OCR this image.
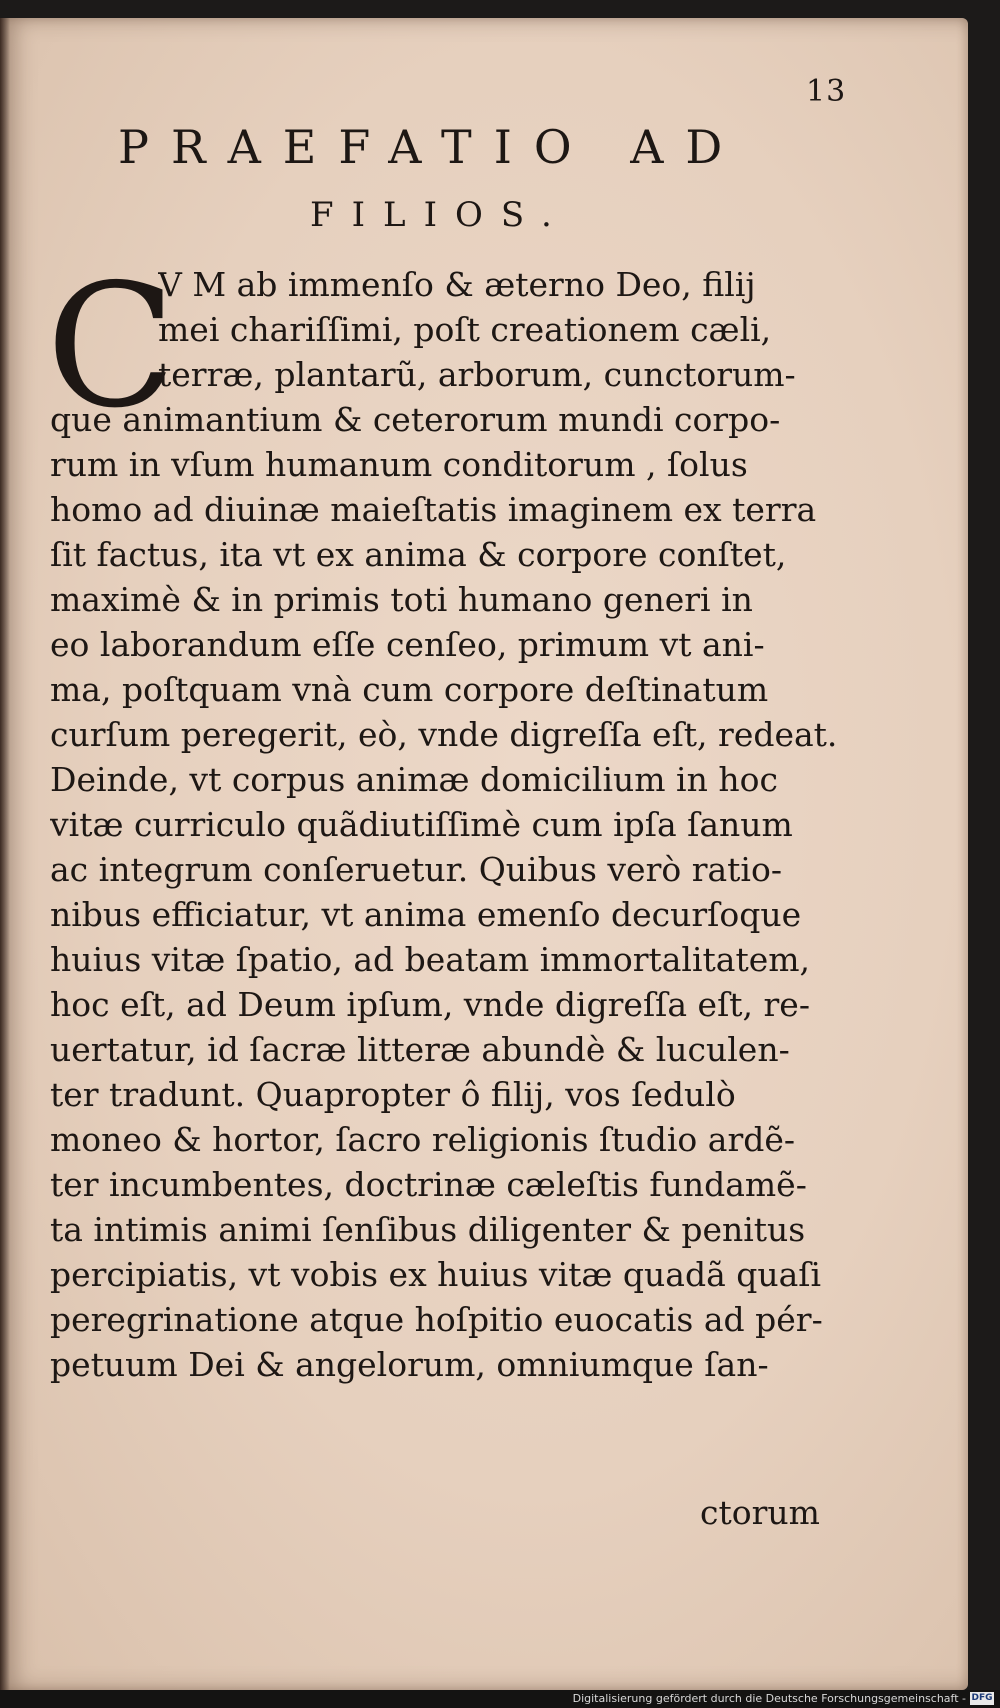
13
PRAEFATIO AD
FILIOS.
C
V M ab immenſo & æterno Deo, filij
mei chariſſimi, poſt creationem cæli,
terræ, plantarũ, arborum, cunctorum-
que animantium & ceterorum mundi corpo-
rum in vſum humanum conditorum , ſolus
homo ad diuinæ maieſtatis imaginem ex terra
ſit factus, ita vt ex anima & corpore conſtet,
maximè & in primis toti humano generi in
eo laborandum eſſe cenſeo, primum vt ani-
ma, poſtquam vnà cum corpore deſtinatum
curſum peregerit, eò, vnde digreſſa eſt, redeat.
Deinde, vt corpus animæ domicilium in hoc
vitæ curriculo quãdiutiſſimè cum ipſa ſanum
ac integrum conſeruetur. Quibus verò ratio-
nibus efficiatur, vt anima emenſo decurſoque
huius vitæ ſpatio, ad beatam immortalitatem,
hoc eſt, ad Deum ipſum, vnde digreſſa eſt, re-
uertatur, id ſacræ litteræ abundè & luculen-
ter tradunt. Quapropter ô filij, vos ſedulò
moneo & hortor, ſacro religionis ſtudio ardẽ-
ter incumbentes, doctrinæ cæleſtis fundamẽ-
ta intimis animi ſenſibus diligenter & penitus
percipiatis, vt vobis ex huius vitæ quadã quaſi
peregrinatione atque hoſpitio euocatis ad pér-
petuum Dei & angelorum, omniumque ſan-
ctorum
Digitalisierung gefördert durch die Deutsche Forschungsgemeinschaft - DFG
